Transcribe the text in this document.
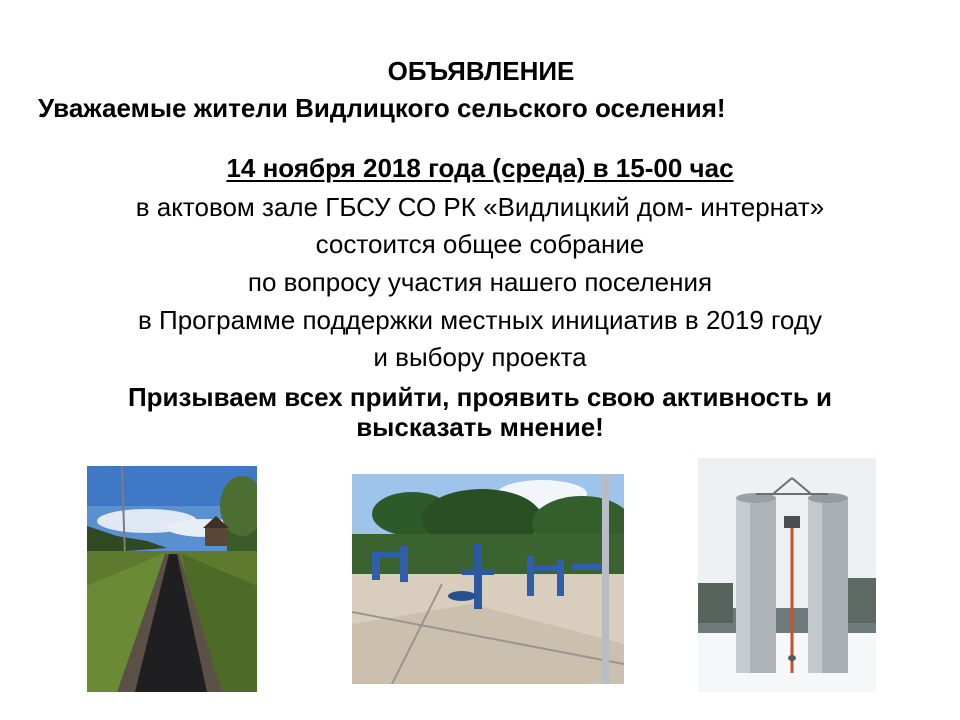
ОБЪЯВЛЕНИЕ
Уважаемые жители Видлицкого сельского оселения!
14 ноября 2018 года (среда) в 15-00 час
в актовом зале ГБСУ СО РК «Видлицкий дом- интернат»
состоится общее собрание
по вопросу участия нашего поселения
в Программе поддержки местных инициатив в 2019 году
и выбору проекта
Призываем всех прийти, проявить свою активность и
высказать мнение!
